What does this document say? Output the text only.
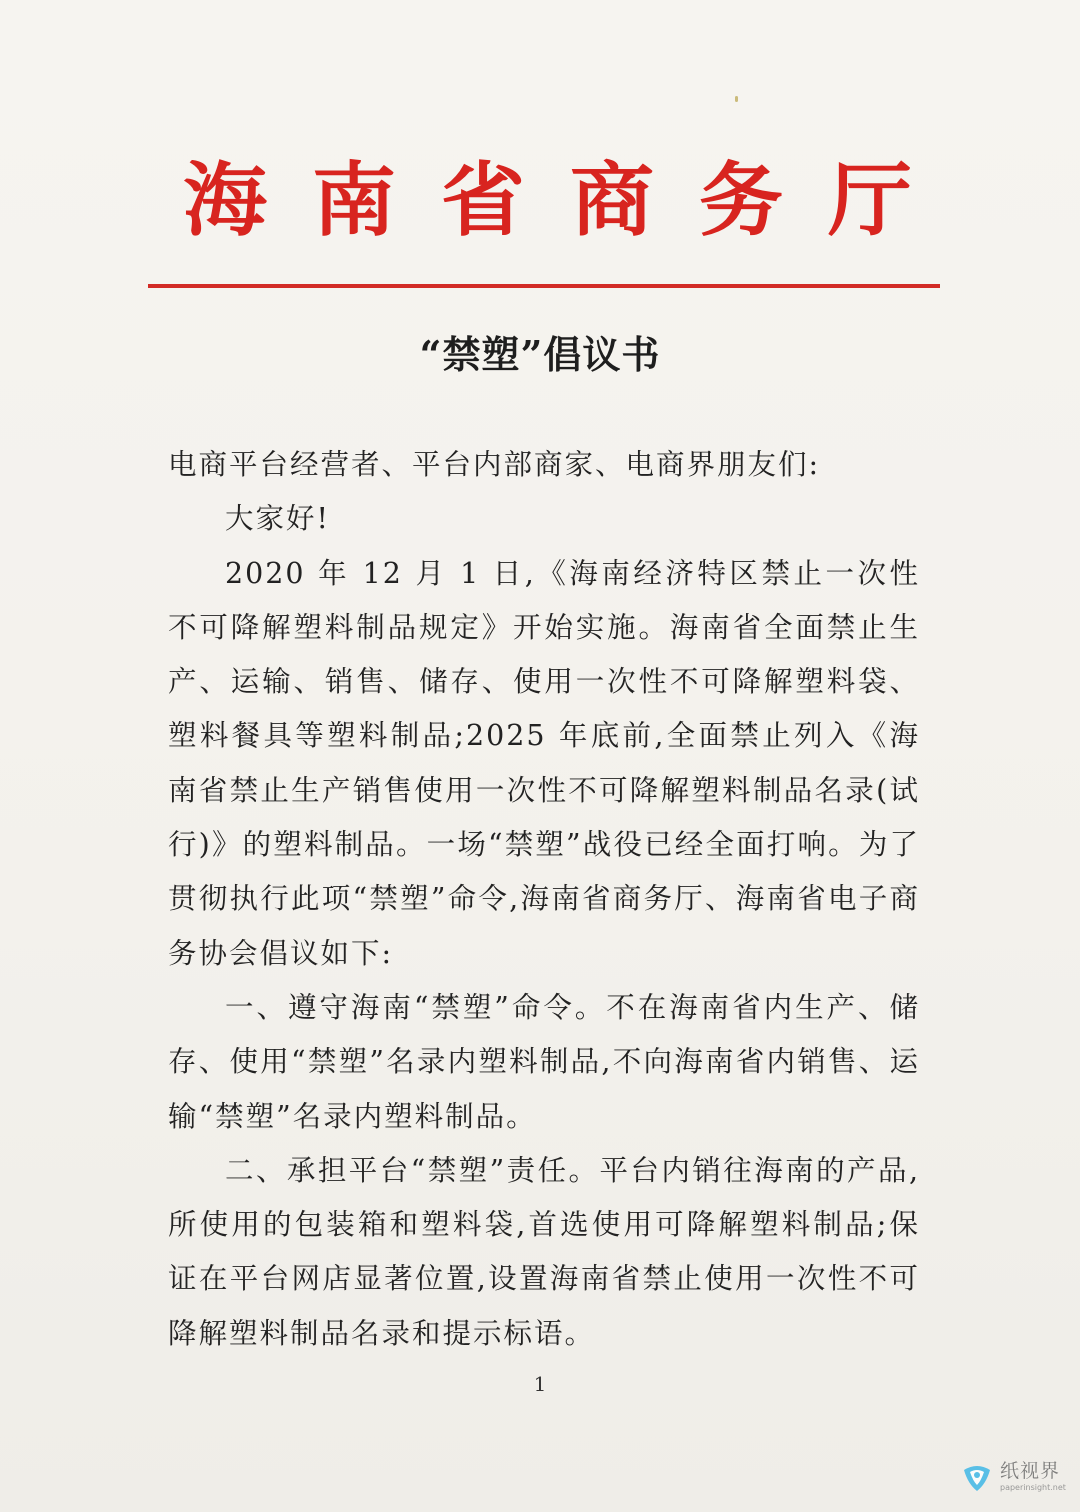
海 南 省 商 务 厅
“禁塑”倡议书

电商平台经营者、平台内部商家、电商界朋友们:

大家好!

2020 年 12 月 1 日,《海南经济特区禁止一次性不可降解塑料制品规定》开始实施。海南省全面禁止生产、运输、销售、储存、使用一次性不可降解塑料袋、塑料餐具等塑料制品;2025 年底前,全面禁止列入《海南省禁止生产销售使用一次性不可降解塑料制品名录(试行)》的塑料制品。一场“禁塑”战役已经全面打响。为了贯彻执行此项“禁塑”命令,海南省商务厅、海南省电子商务协会倡议如下:

一、遵守海南“禁塑”命令。不在海南省内生产、储存、使用“禁塑”名录内塑料制品,不向海南省内销售、运输“禁塑”名录内塑料制品。

二、承担平台“禁塑”责任。平台内销往海南的产品,所使用的包装箱和塑料袋,首选使用可降解塑料制品;保证在平台网店显著位置,设置海南省禁止使用一次性不可降解塑料制品名录和提示标语。

1
纸视界
paperinsight.net
